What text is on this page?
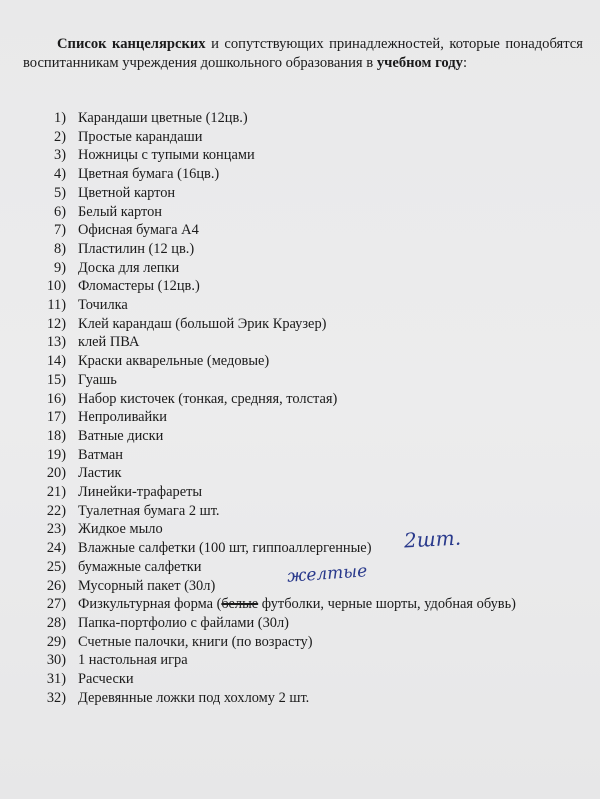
Список канцелярских и сопутствующих принадлежностей, которые понадобятся воспитанникам учреждения дошкольного образования в учебном году:
1) Карандаши цветные (12цв.)
2) Простые карандаши
3) Ножницы с тупыми концами
4) Цветная бумага (16цв.)
5) Цветной картон
6) Белый картон
7) Офисная бумага А4
8) Пластилин (12 цв.)
9) Доска для лепки
10) Фломастеры (12цв.)
11) Точилка
12) Клей карандаш (большой Эрик Краузер)
13) клей ПВА
14) Краски акварельные (медовые)
15) Гуашь
16) Набор кисточек (тонкая, средняя, толстая)
17) Непроливайки
18) Ватные диски
19) Ватман
20) Ластик
21) Линейки-трафареты
22) Туалетная бумага 2 шт.
23) Жидкое мыло
24) Влажные салфетки (100 шт, гиппоаллергенные)
25) бумажные салфетки
26) Мусорный пакет (30л)
27) Физкультурная форма (белые футболки, черные шорты, удобная обувь)
28) Папка-портфолио с файлами (30л)
29) Счетные палочки, книги (по возрасту)
30) 1 настольная игра
31) Расчески
32) Деревянные ложки под хохлому 2 шт.
2шт.
желтые
